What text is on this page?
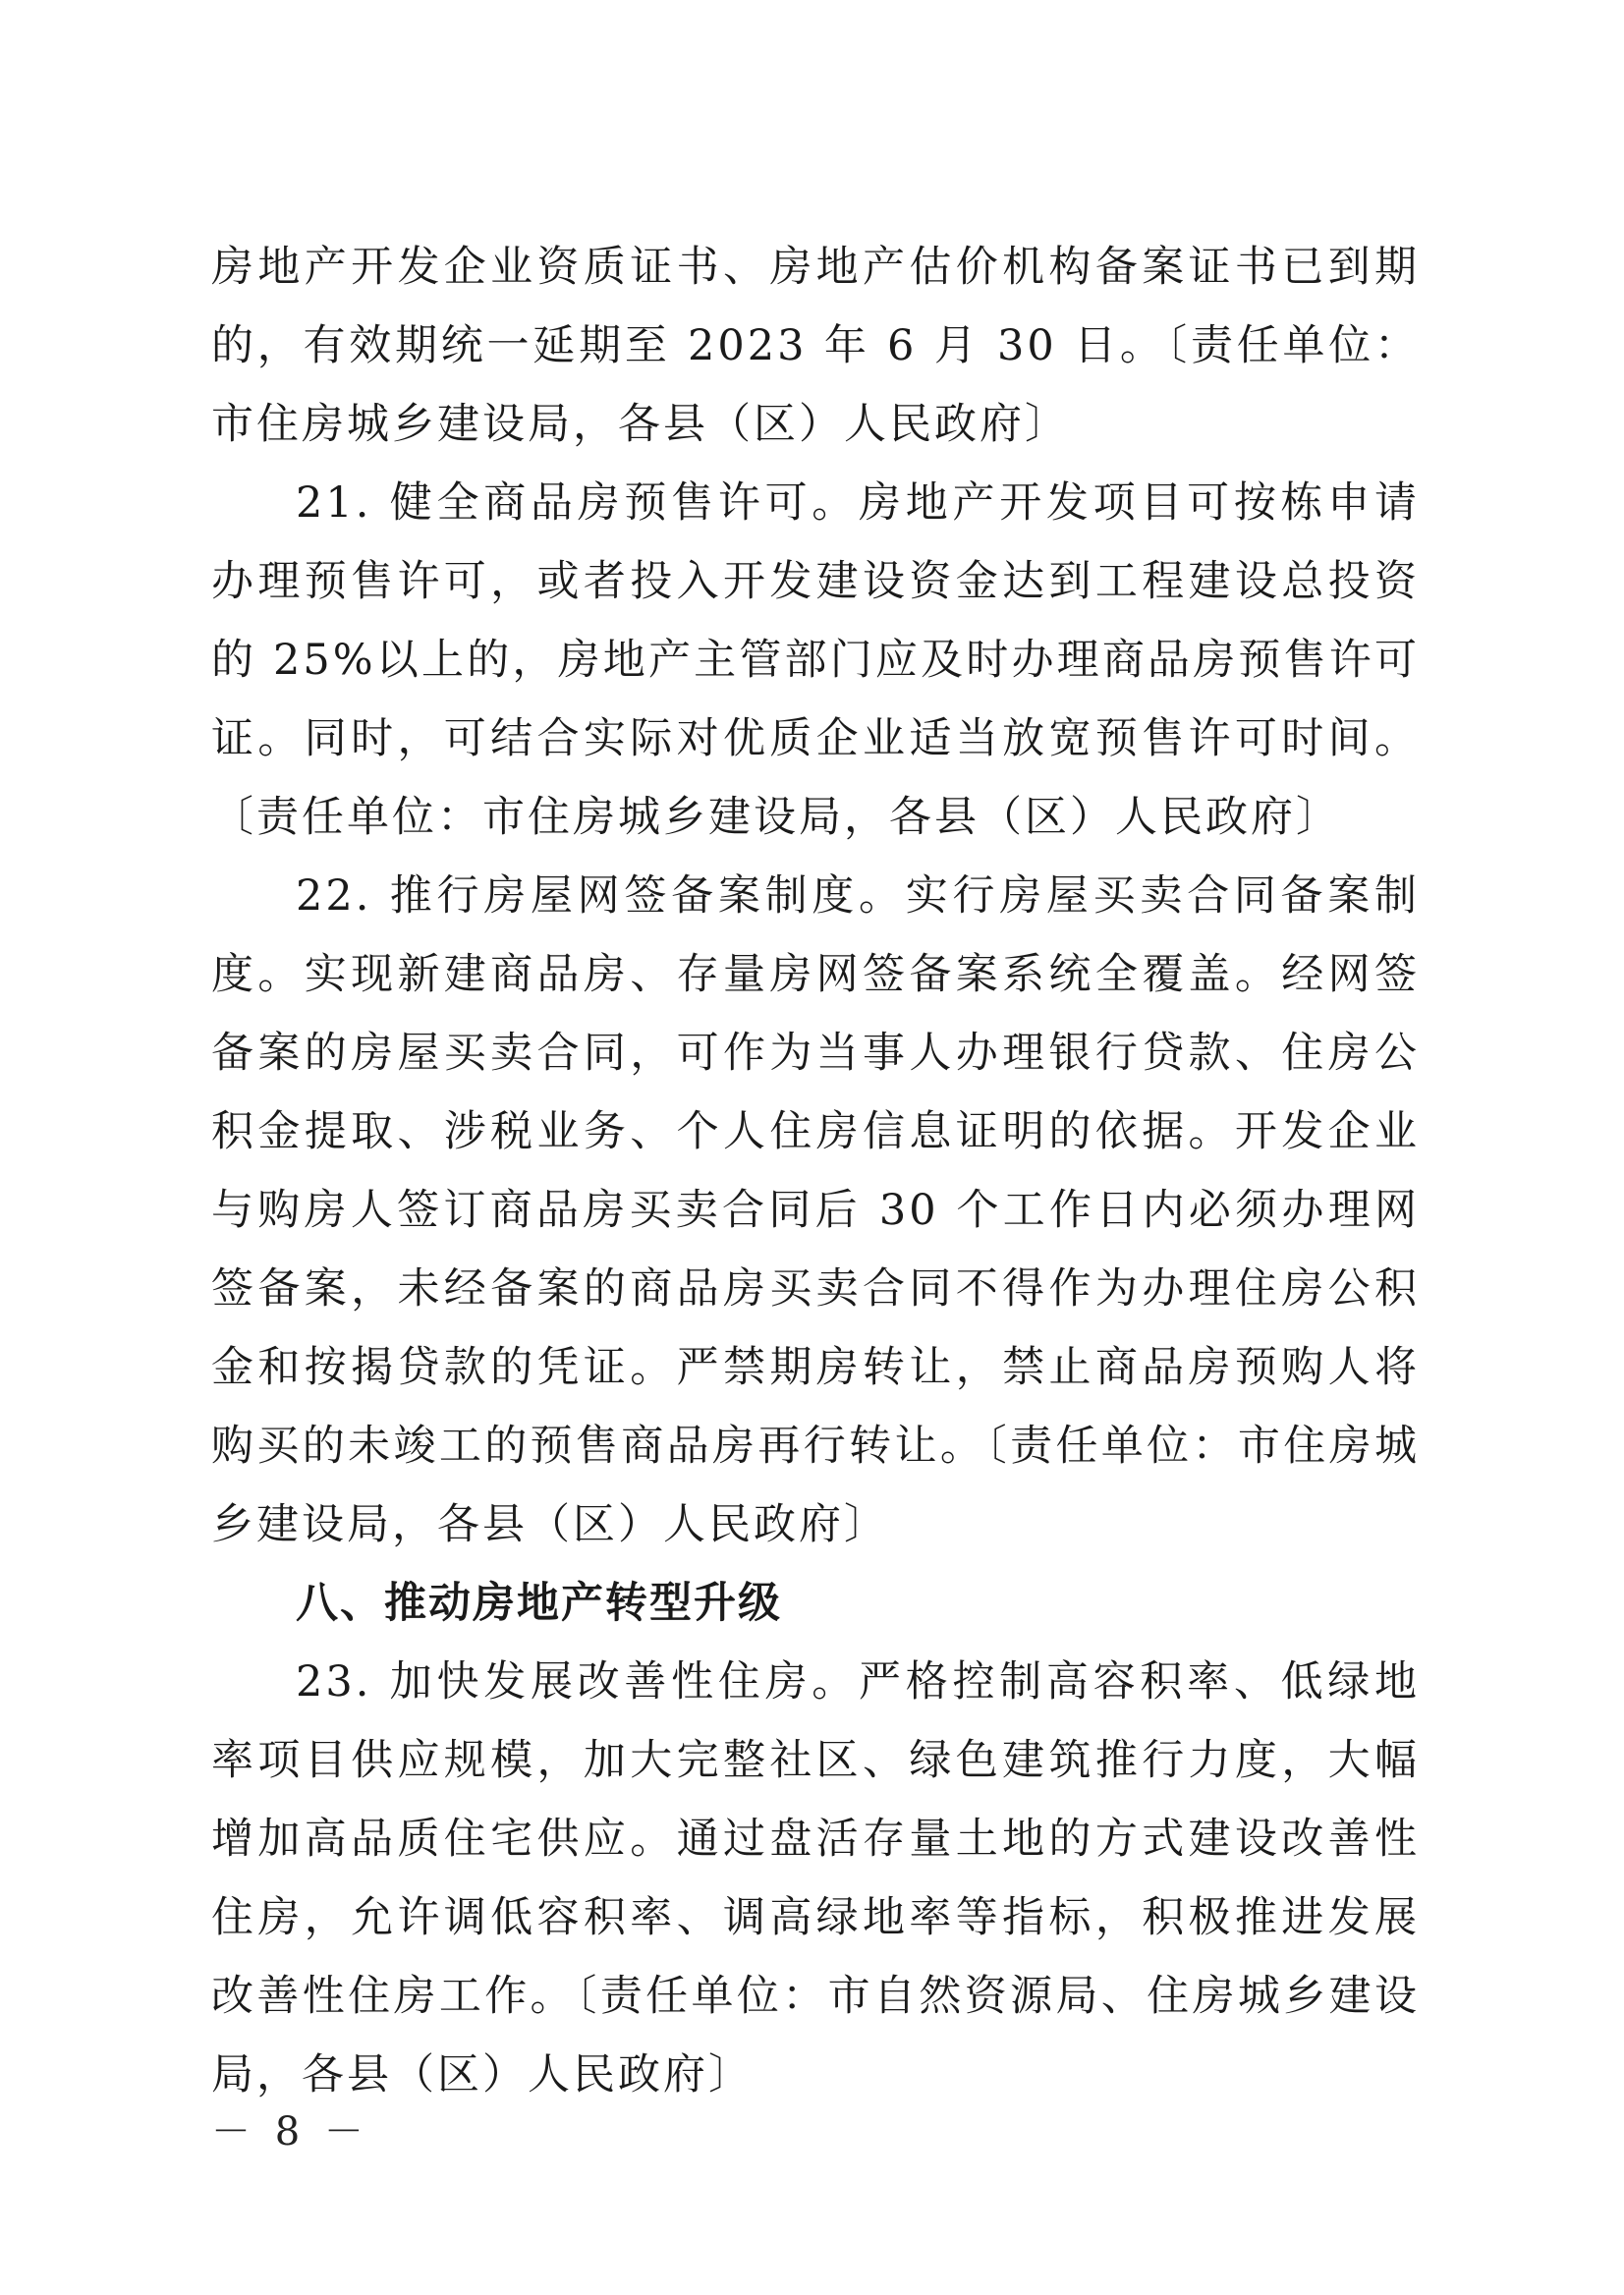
房地产开发企业资质证书、房地产估价机构备案证书已到期的，有效期统一延期至 2023 年 6 月 30 日。〔责任单位：市住房城乡建设局，各县（区）人民政府〕

21. 健全商品房预售许可。房地产开发项目可按栋申请办理预售许可，或者投入开发建设资金达到工程建设总投资的 25%以上的，房地产主管部门应及时办理商品房预售许可证。同时，可结合实际对优质企业适当放宽预售许可时间。〔责任单位：市住房城乡建设局，各县（区）人民政府〕

22. 推行房屋网签备案制度。实行房屋买卖合同备案制度。实现新建商品房、存量房网签备案系统全覆盖。经网签备案的房屋买卖合同，可作为当事人办理银行贷款、住房公积金提取、涉税业务、个人住房信息证明的依据。开发企业与购房人签订商品房买卖合同后 30 个工作日内必须办理网签备案，未经备案的商品房买卖合同不得作为办理住房公积金和按揭贷款的凭证。严禁期房转让，禁止商品房预购人将购买的未竣工的预售商品房再行转让。〔责任单位：市住房城乡建设局，各县（区）人民政府〕

八、推动房地产转型升级

23. 加快发展改善性住房。严格控制高容积率、低绿地率项目供应规模，加大完整社区、绿色建筑推行力度，大幅增加高品质住宅供应。通过盘活存量土地的方式建设改善性住房，允许调低容积率、调高绿地率等指标，积极推进发展改善性住房工作。〔责任单位：市自然资源局、住房城乡建设局，各县（区）人民政府〕

－ 8 －
